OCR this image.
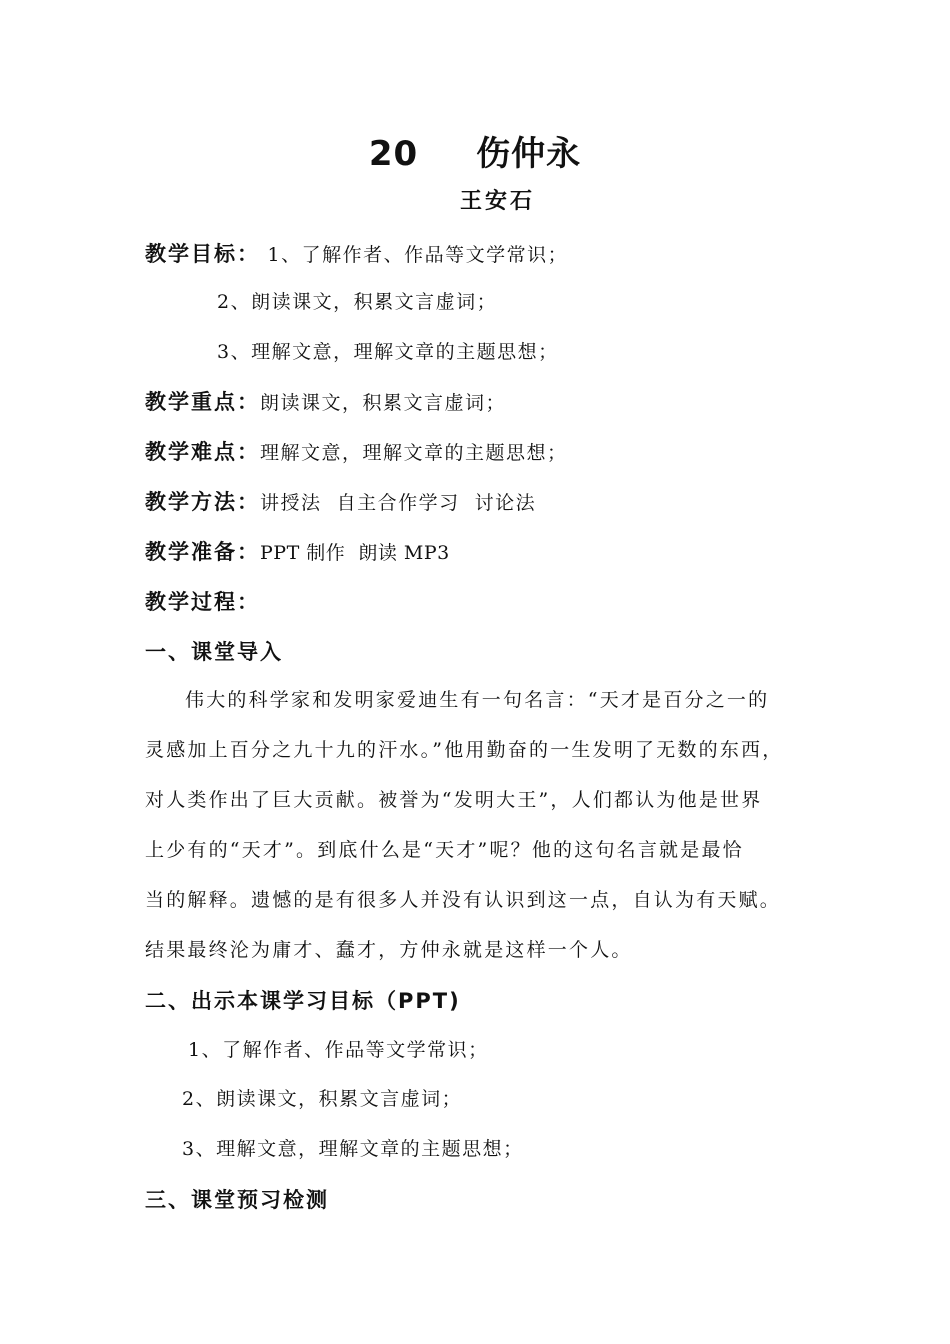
20 伤仲永
王安石
教学目标： 1、了解作者、作品等文学常识；
2、朗读课文，积累文言虚词；
3、理解文意，理解文章的主题思想；
教学重点：朗读课文，积累文言虚词；
教学难点：理解文意，理解文章的主题思想；
教学方法：讲授法  自主合作学习  讨论法
教学准备：PPT 制作  朗读 MP3
教学过程：
一、课堂导入
伟大的科学家和发明家爱迪生有一句名言：“天才是百分之一的
灵感加上百分之九十九的汗水。”他用勤奋的一生发明了无数的东西，
对人类作出了巨大贡献。被誉为“发明大王”，人们都认为他是世界
上少有的“天才”。到底什么是“天才”呢？他的这句名言就是最恰
当的解释。遗憾的是有很多人并没有认识到这一点，自认为有天赋。
结果最终沦为庸才、蠢才，方仲永就是这样一个人。
二、出示本课学习目标（PPT)
1、了解作者、作品等文学常识；
2、朗读课文，积累文言虚词；
3、理解文意，理解文章的主题思想；
三、课堂预习检测
